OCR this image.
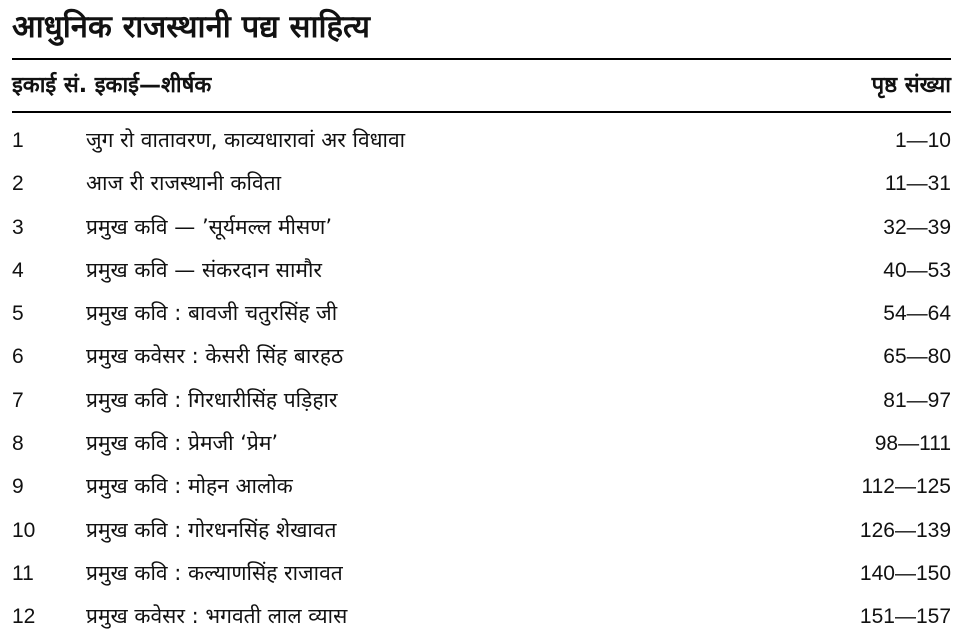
आधुनिक राजस्थानी पद्य साहित्य
इकाई सं. इकाई—शीर्षक	पृष्ठ संख्या
1	जुग रो वातावरण, काव्यधारावां अर विधावा	1—10
2	आज री राजस्थानी कविता	11—31
3	प्रमुख कवि — ’सूर्यमल्ल मीसण’	32—39
4	प्रमुख कवि — संकरदान सामौर	40—53
5	प्रमुख कवि : बावजी चतुरसिंह जी	54—64
6	प्रमुख कवेसर : केसरी सिंह बारहठ	65—80
7	प्रमुख कवि : गिरधारीसिंह पड़िहार	81—97
8	प्रमुख कवि : प्रेमजी ‘प्रेम’	98—111
9	प्रमुख कवि : मोहन आलोक	112—125
10 प्रमुख कवि : गोरधनसिंह शेखावत	126—139
11 प्रमुख कवि : कल्याणसिंह राजावत	140—150
12 प्रमुख कवेसर : भगवती लाल व्यास	151—157
